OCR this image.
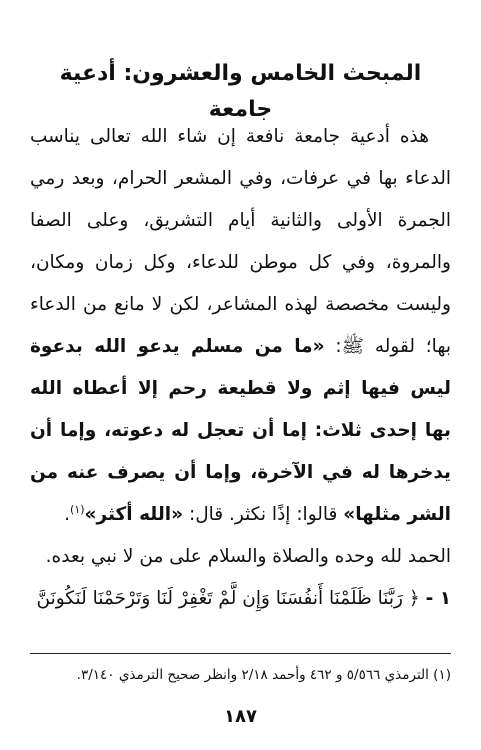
المبحث الخامس والعشرون: أدعية جامعة

هذه أدعية جامعة نافعة إن شاء الله تعالى يناسب الدعاء بها في عرفات، وفي المشعر الحرام، وبعد رمي الجمرة الأولى والثانية أيام التشريق، وعلى الصفا والمروة، وفي كل موطن للدعاء، وكل زمان ومكان، وليست مخصصة لهذه المشاعر، لكن لا مانع من الدعاء بها؛ لقوله ﷺ: «ما من مسلم يدعو الله بدعوة ليس فيها إثم ولا قطيعة رحم إلا أعطاه الله بها إحدى ثلاث: إما أن تعجل له دعوته، وإما أن يدخرها له في الآخرة، وإما أن يصرف عنه من الشر مثلها» قالوا: إذًا نكثر. قال: «الله أكثر»$^{(١)}$.

الحمد لله وحده والصلاة والسلام على من لا نبي بعده.

١ - ﴿ رَبَّنَا ظَلَمْنَا أَنفُسَنَا وَإِن لَّمْ تَغْفِرْ لَنَا وَتَرْحَمْنَا لَنَكُونَنَّ

(١) الترمذي ٥/٥٦٦ و ٤٦٢ وأحمد ٢/١٨ وانظر صحيح الترمذي ٣/١٤٠.
١٨٧
